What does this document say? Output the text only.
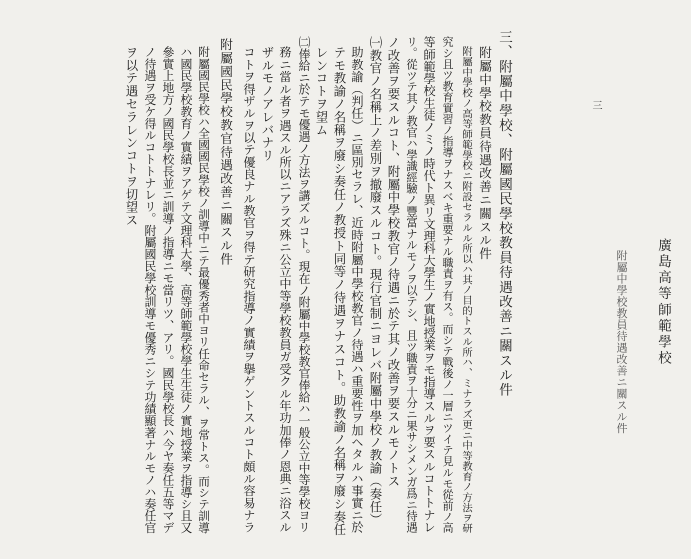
廣島高等師範學校
三
附屬中學校教員待遇改善ニ關スル件
三、附屬中學校、附屬國民學校教員待遇改善ニ關スル件
附屬中學校教員待遇改善ニ關スル件
附屬中學校ノ高等師範學校ニ附設セラルル所以ハ其ノ目的トスル所ハ、ミナラズ更ニ中等教育ノ方法ヲ研
究シ且ツ教育實習ノ指導ヲナスベキ重要ナル職責ヲ有ス。而シテ戰後ノ一層ニツイテ見ルモ從前ノ高
等師範學校生徒ノミノ時代ト異リ文理科大學生ノ實地授業ヲモ指導スルヲ要スルコトトナレ
リ。從ツテ其ノ教官ハ學識經驗ノ豐富ナルモノヲ以テシ、且ツ職責ヲ十分ニ果サシメンガ爲ニ待遇
ノ改善ヲ要スルコト、附屬中學校教官ノ待遇ニ於テ其ノ改善ヲ要スルモノトス
㈠教官ノ名稱上ノ差別ヲ撤廢スルコト。現行官制ニヨレバ附屬中學校ノ教諭（奏任）
助教諭（判任）ニ區別セラレ、近時附屬中學校教官ノ待遇ハ重要性ヲ加ヘタルハ事實ニ於
テモ教諭ノ名稱ヲ廢シ奏任ノ教授ト同等ノ待遇ヲナスコト。助教諭ノ名稱ヲ廢シ奏任
レンコトヲ望ム
㈡俸給ニ於テモ優遇ノ方法ヲ講ズルコト。現在ノ附屬中學校教官俸給ハ一般公立中等學校ヨリ
務ニ當ル者ヲ遇スル所以ニアラズ殊ニ公立中等學校教員ガ受クル年功加俸ノ恩典ニ浴スル
ザルモノアレバナリ
コトヲ得ザルヲ以テ優良ナル教官ヲ得テ研究指導ノ實績ヲ擧ゲントスルコト頗ル容易ナラ
附屬國民學校教官待遇改善ニ關スル件
附屬國民學校ハ全國國民學校ノ訓導中ニテ最優秀者中ヨリ任命セラル、ヲ常トス。而シテ訓導
ハ國民學校教育ノ實績ヲアゲテ文理科大學、高等師範學校學生生徒ノ實地授業ヲ指導シ且又
參實上地方ノ國民學校長並ニ訓導ノ指導ニモ當リツ、アリ。國民學校長ハ今ヤ奏任五等マデ
ノ待遇ヲ受ケ得ルコトトナレリ。附屬國民學校訓導モ優秀ニシテ功績顯著ナルモノハ奏任官
ヲ以テ遇セラレンコトヲ切望ス
